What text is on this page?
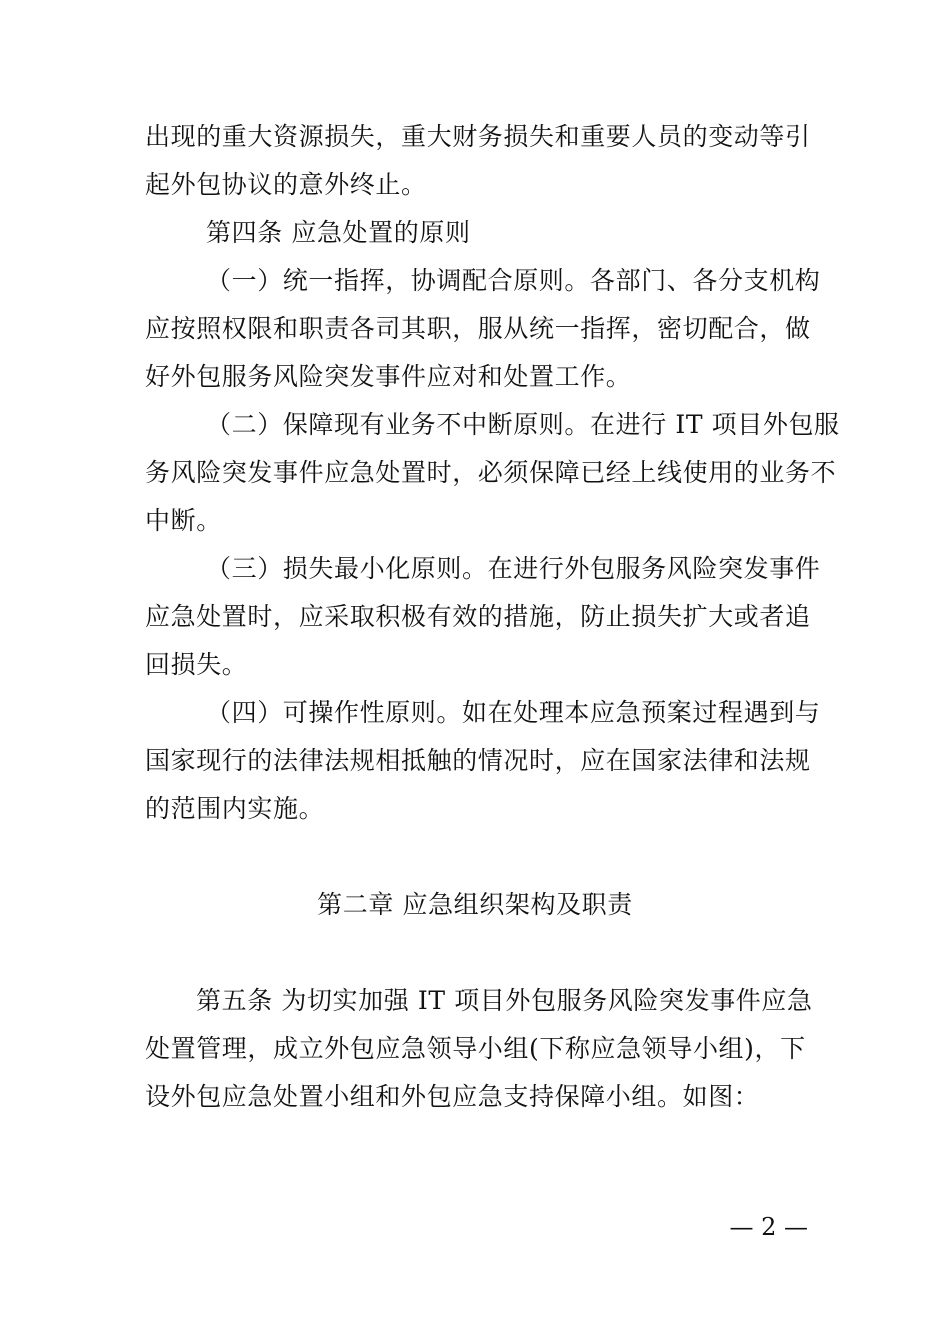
出现的重大资源损失，重大财务损失和重要人员的变动等引
起外包协议的意外终止。
第四条 应急处置的原则
（一）统一指挥，协调配合原则。各部门、各分支机构
应按照权限和职责各司其职，服从统一指挥，密切配合，做
好外包服务风险突发事件应对和处置工作。
（二）保障现有业务不中断原则。在进行 IT 项目外包服
务风险突发事件应急处置时，必须保障已经上线使用的业务不
中断。
（三）损失最小化原则。在进行外包服务风险突发事件
应急处置时，应采取积极有效的措施，防止损失扩大或者追
回损失。
（四）可操作性原则。如在处理本应急预案过程遇到与
国家现行的法律法规相抵触的情况时，应在国家法律和法规
的范围内实施。
第二章 应急组织架构及职责
第五条 为切实加强 IT 项目外包服务风险突发事件应急
处置管理，成立外包应急领导小组(下称应急领导小组)，下
设外包应急处置小组和外包应急支持保障小组。如图：
— 2 —
